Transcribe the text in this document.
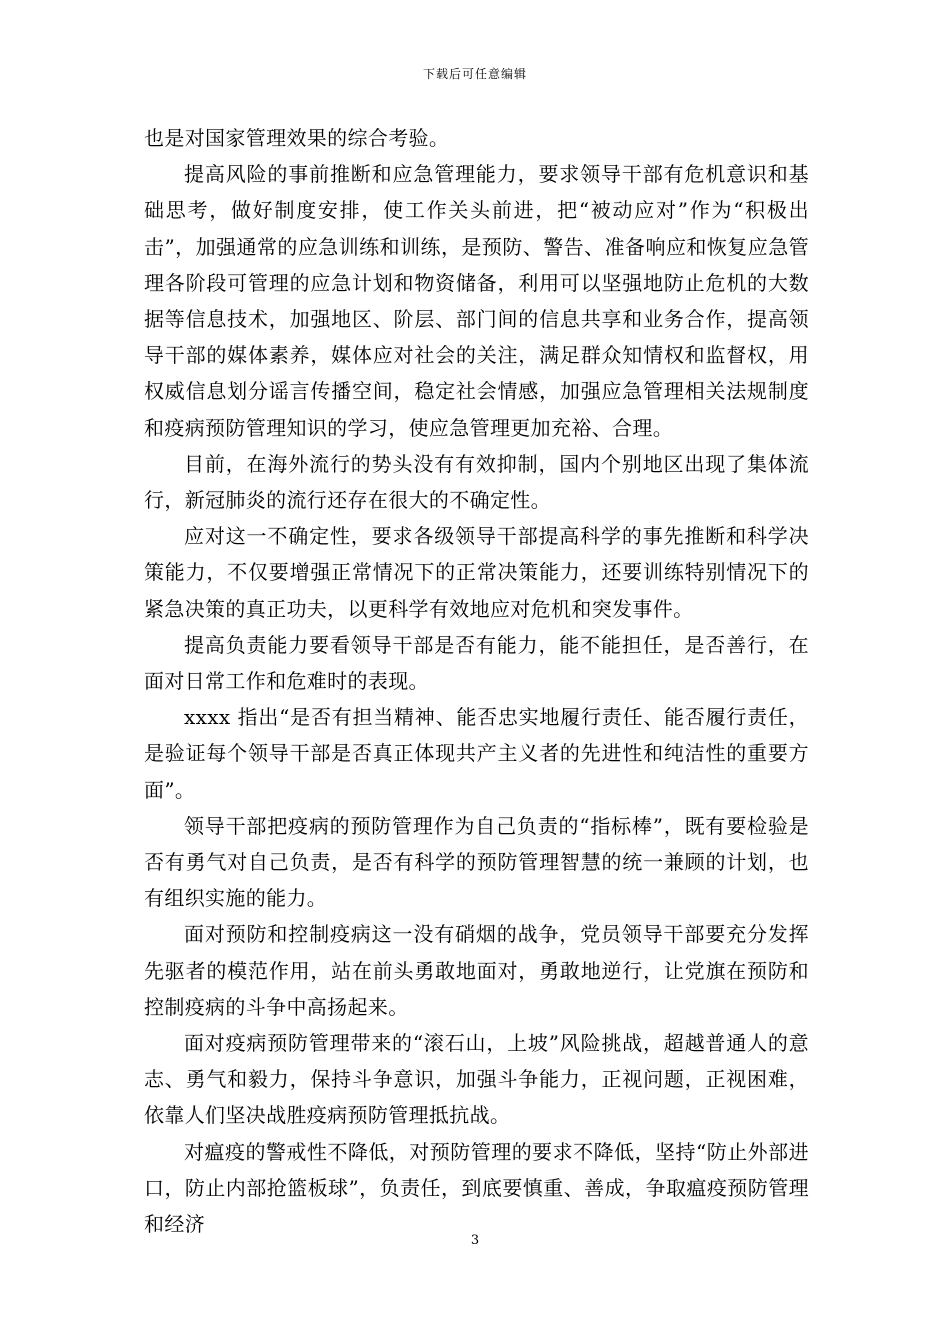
下载后可任意编辑

也是对国家管理效果的综合考验。

提高风险的事前推断和应急管理能力，要求领导干部有危机意识和基础思考，做好制度安排，使工作关头前进，把“被动应对”作为“积极出击”，加强通常的应急训练和训练，是预防、警告、准备响应和恢复应急管理各阶段可管理的应急计划和物资储备，利用可以坚强地防止危机的大数据等信息技术，加强地区、阶层、部门间的信息共享和业务合作，提高领导干部的媒体素养，媒体应对社会的关注，满足群众知情权和监督权，用权威信息划分谣言传播空间，稳定社会情感，加强应急管理相关法规制度和疫病预防管理知识的学习，使应急管理更加充裕、合理。

目前，在海外流行的势头没有有效抑制，国内个别地区出现了集体流行，新冠肺炎的流行还存在很大的不确定性。

应对这一不确定性，要求各级领导干部提高科学的事先推断和科学决策能力，不仅要增强正常情况下的正常决策能力，还要训练特别情况下的紧急决策的真正功夫，以更科学有效地应对危机和突发事件。

提高负责能力要看领导干部是否有能力，能不能担任，是否善行，在面对日常工作和危难时的表现。

xxxx 指出“是否有担当精神、能否忠实地履行责任、能否履行责任，是验证每个领导干部是否真正体现共产主义者的先进性和纯洁性的重要方面”。

领导干部把疫病的预防管理作为自己负责的“指标棒”，既有要检验是否有勇气对自己负责，是否有科学的预防管理智慧的统一兼顾的计划，也有组织实施的能力。

面对预防和控制疫病这一没有硝烟的战争，党员领导干部要充分发挥先驱者的模范作用，站在前头勇敢地面对，勇敢地逆行，让党旗在预防和控制疫病的斗争中高扬起来。

面对疫病预防管理带来的“滚石山，上坡”风险挑战，超越普通人的意志、勇气和毅力，保持斗争意识，加强斗争能力，正视问题，正视困难，依靠人们坚决战胜疫病预防管理抵抗战。

对瘟疫的警戒性不降低，对预防管理的要求不降低，坚持“防止外部进口，防止内部抢篮板球”，负责任，到底要慎重、善成，争取瘟疫预防管理和经济

3
